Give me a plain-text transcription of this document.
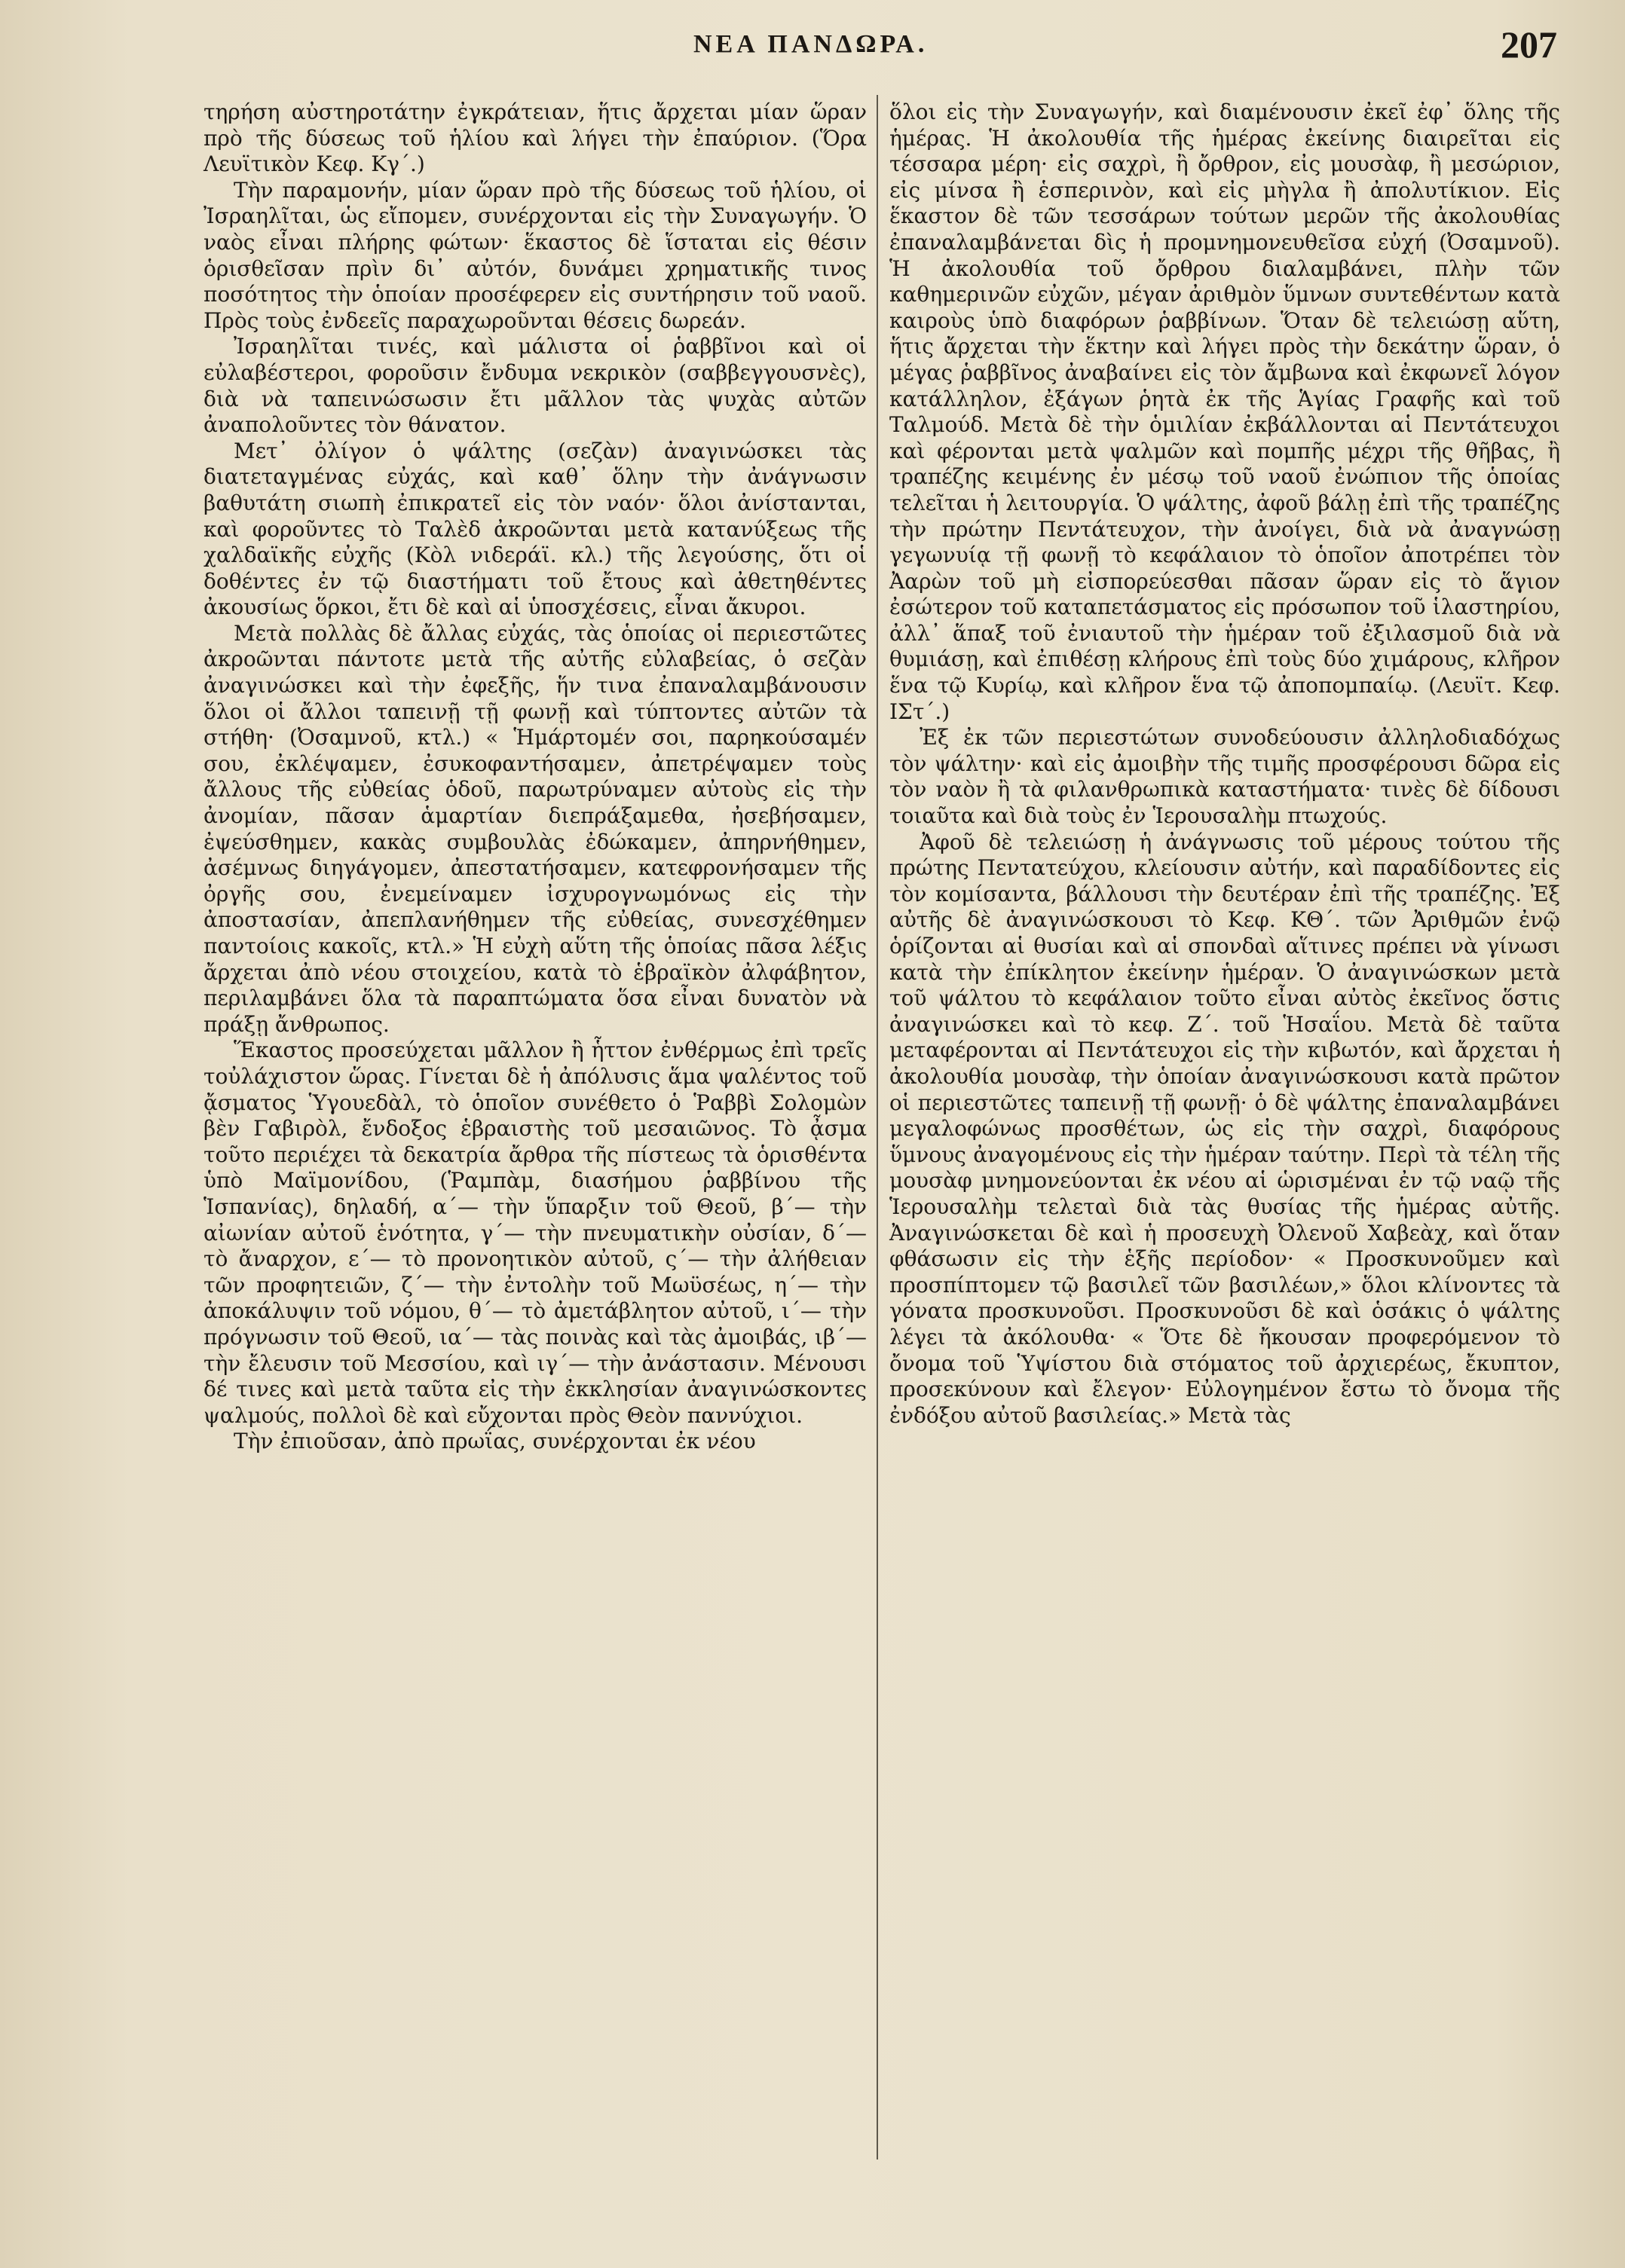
ΝΕΑ ΠΑΝΔΩΡΑ.	207

τηρήση αὐστηροτάτην ἐγκράτειαν, ἥτις ἄρχεται μίαν ὥραν πρὸ τῆς δύσεως τοῦ ἡλίου καὶ λήγει τὴν ἐπαύριον. (Ὅρα Λευϊτικὸν Κεφ. Κγ΄.)

Τὴν παραμονήν, μίαν ὥραν πρὸ τῆς δύσεως τοῦ ἡλίου, οἱ Ἰσραηλῖται, ὡς εἴπομεν, συνέρχονται εἰς τὴν Συναγωγήν. Ὁ ναὸς εἶναι πλήρης φώτων· ἕκαστος δὲ ἵσταται εἰς θέσιν ὁρισθεῖσαν πρὶν δι᾿ αὐτόν, δυνάμει χρηματικῆς τινος ποσότητος τὴν ὁποίαν προσέφερεν εἰς συντήρησιν τοῦ ναοῦ. Πρὸς τοὺς ἐνδεεῖς παραχωροῦνται θέσεις δωρεάν.

Ἰσραηλῖται τινές, καὶ μάλιστα οἱ ῥαββῖνοι καὶ οἱ εὐλαβέστεροι, φοροῦσιν ἔνδυμα νεκρικὸν (σαββεγγουσνὲς), διὰ νὰ ταπεινώσωσιν ἔτι μᾶλλον τὰς ψυχὰς αὐτῶν ἀναπολοῦντες τὸν θάνατον.

Μετ᾿ ὀλίγον ὁ ψάλτης (σεζὰν) ἀναγινώσκει τὰς διατεταγμένας εὐχάς, καὶ καθ᾿ ὅλην τὴν ἀνάγνωσιν βαθυτάτη σιωπὴ ἐπικρατεῖ εἰς τὸν ναόν· ὅλοι ἀνίστανται, καὶ φοροῦντες τὸ Ταλὲδ ἀκροῶνται μετὰ κατανύξεως τῆς χαλδαϊκῆς εὐχῆς (Κὸλ νιδεράϊ. κλ.) τῆς λεγούσης, ὅτι οἱ δοθέντες ἐν τῷ διαστήματι τοῦ ἔτους καὶ ἀθετηθέντες ἀκουσίως ὅρκοι, ἔτι δὲ καὶ αἱ ὑποσχέσεις, εἶναι ἄκυροι.

Μετὰ πολλὰς δὲ ἄλλας εὐχάς, τὰς ὁποίας οἱ περιεστῶτες ἀκροῶνται πάντοτε μετὰ τῆς αὐτῆς εὐλαβείας, ὁ σεζὰν ἀναγινώσκει καὶ τὴν ἐφεξῆς, ἥν τινα ἐπαναλαμβάνουσιν ὅλοι οἱ ἄλλοι ταπεινῇ τῇ φωνῇ καὶ τύπτοντες αὐτῶν τὰ στήθη· (Ὀσαμνοῦ, κτλ.) « Ἡμάρτομέν σοι, παρηκούσαμέν σου, ἐκλέψαμεν, ἐσυκοφαντήσαμεν, ἀπετρέψαμεν τοὺς ἄλλους τῆς εὐθείας ὁδοῦ, παρωτρύναμεν αὐτοὺς εἰς τὴν ἀνομίαν, πᾶσαν ἁμαρτίαν διεπράξαμεθα, ἠσεβήσαμεν, ἐψεύσθημεν, κακὰς συμβουλὰς ἐδώκαμεν, ἀπηρνήθημεν, ἀσέμνως διηγάγομεν, ἀπεστατήσαμεν, κατεφρονήσαμεν τῆς ὀργῆς σου, ἐνεμείναμεν ἰσχυρογνωμόνως εἰς τὴν ἀποστασίαν, ἀπεπλανήθημεν τῆς εὐθείας, συνεσχέθημεν παντοίοις κακοῖς, κτλ.» Ἡ εὐχὴ αὕτη τῆς ὁποίας πᾶσα λέξις ἄρχεται ἀπὸ νέου στοιχείου, κατὰ τὸ ἑβραϊκὸν ἀλφάβητον, περιλαμβάνει ὅλα τὰ παραπτώματα ὅσα εἶναι δυνατὸν νὰ πράξῃ ἄνθρωπος.

Ἕκαστος προσεύχεται μᾶλλον ἢ ἧττον ἐνθέρμως ἐπὶ τρεῖς τοὐλάχιστον ὥρας. Γίνεται δὲ ἡ ἀπόλυσις ἅμα ψαλέντος τοῦ ᾄσματος Ὑγουεδὰλ, τὸ ὁποῖον συνέθετο ὁ Ῥαββὶ Σολομὼν βὲν Γαβιρὸλ, ἔνδοξος ἑβραιστὴς τοῦ μεσαιῶνος. Τὸ ᾆσμα τοῦτο περιέχει τὰ δεκατρία ἄρθρα τῆς πίστεως τὰ ὁρισθέντα ὑπὸ Μαϊμονίδου, (Ῥαμπὰμ, διασήμου ῥαββίνου τῆς Ἱσπανίας), δηλαδή, α΄— τὴν ὕπαρξιν τοῦ Θεοῦ, β΄— τὴν αἰωνίαν αὐτοῦ ἑνότητα, γ΄— τὴν πνευματικὴν οὐσίαν, δ΄— τὸ ἄναρχον, ε΄— τὸ προνοητικὸν αὐτοῦ, ς΄— τὴν ἀλήθειαν τῶν προφητειῶν, ζ΄— τὴν ἐντολὴν τοῦ Μωϋσέως, η΄— τὴν ἀποκάλυψιν τοῦ νόμου, θ΄— τὸ ἀμετάβλητον αὐτοῦ, ι΄— τὴν πρόγνωσιν τοῦ Θεοῦ, ια΄— τὰς ποινὰς καὶ τὰς ἀμοιβάς, ιβ΄— τὴν ἔλευσιν τοῦ Μεσσίου, καὶ ιγ΄— τὴν ἀνάστασιν. Μένουσι δέ τινες καὶ μετὰ ταῦτα εἰς τὴν ἐκκλησίαν ἀναγινώσκοντες ψαλμούς, πολλοὶ δὲ καὶ εὔχονται πρὸς Θεὸν παννύχιοι.

Τὴν ἐπιοῦσαν, ἀπὸ πρωΐας, συνέρχονται ἐκ νέου

ὅλοι εἰς τὴν Συναγωγήν, καὶ διαμένουσιν ἐκεῖ ἐφ᾿ ὅλης τῆς ἡμέρας. Ἡ ἀκολουθία τῆς ἡμέρας ἐκείνης διαιρεῖται εἰς τέσσαρα μέρη· εἰς σαχρὶ, ἢ ὄρθρον, εἰς μουσὰφ, ἢ μεσώριον, εἰς μίνσα ἢ ἑσπερινὸν, καὶ εἰς μὴγλα ἢ ἀπολυτίκιον. Εἰς ἕκαστον δὲ τῶν τεσσάρων τούτων μερῶν τῆς ἀκολουθίας ἐπαναλαμβάνεται δὶς ἡ προμνημονευθεῖσα εὐχή (Ὀσαμνοῦ). Ἡ ἀκολουθία τοῦ ὄρθρου διαλαμβάνει, πλὴν τῶν καθημερινῶν εὐχῶν, μέγαν ἀριθμὸν ὕμνων συντεθέντων κατὰ καιροὺς ὑπὸ διαφόρων ῥαββίνων. Ὅταν δὲ τελειώσῃ αὕτη, ἥτις ἄρχεται τὴν ἕκτην καὶ λήγει πρὸς τὴν δεκάτην ὥραν, ὁ μέγας ῥαββῖνος ἀναβαίνει εἰς τὸν ἄμβωνα καὶ ἐκφωνεῖ λόγον κατάλληλον, ἐξάγων ῥητὰ ἐκ τῆς Ἁγίας Γραφῆς καὶ τοῦ Ταλμούδ. Μετὰ δὲ τὴν ὁμιλίαν ἐκβάλλονται αἱ Πεντάτευχοι καὶ φέρονται μετὰ ψαλμῶν καὶ πομπῆς μέχρι τῆς θῆβας, ἢ τραπέζης κειμένης ἐν μέσῳ τοῦ ναοῦ ἐνώπιον τῆς ὁποίας τελεῖται ἡ λειτουργία. Ὁ ψάλτης, ἀφοῦ βάλῃ ἐπὶ τῆς τραπέζης τὴν πρώτην Πεντάτευχον, τὴν ἀνοίγει, διὰ νὰ ἀναγνώσῃ γεγωνυίᾳ τῇ φωνῇ τὸ κεφάλαιον τὸ ὁποῖον ἀποτρέπει τὸν Ἀαρὼν τοῦ μὴ εἰσπορεύεσθαι πᾶσαν ὥραν εἰς τὸ ἅγιον ἐσώτερον τοῦ καταπετάσματος εἰς πρόσωπον τοῦ ἱλαστηρίου, ἀλλ᾿ ἅπαξ τοῦ ἐνιαυτοῦ τὴν ἡμέραν τοῦ ἐξιλασμοῦ διὰ νὰ θυμιάσῃ, καὶ ἐπιθέσῃ κλήρους ἐπὶ τοὺς δύο χιμάρους, κλῆρον ἕνα τῷ Κυρίῳ, καὶ κλῆρον ἕνα τῷ ἀποπομπαίῳ. (Λευϊτ. Κεφ. ΙΣτ΄.)

Ἐξ ἐκ τῶν περιεστώτων συνοδεύουσιν ἀλληλοδιαδόχως τὸν ψάλτην· καὶ εἰς ἀμοιβὴν τῆς τιμῆς προσφέρουσι δῶρα εἰς τὸν ναὸν ἢ τὰ φιλανθρωπικὰ καταστήματα· τινὲς δὲ δίδουσι τοιαῦτα καὶ διὰ τοὺς ἐν Ἱερουσαλὴμ πτωχούς.

Ἀφοῦ δὲ τελειώσῃ ἡ ἀνάγνωσις τοῦ μέρους τούτου τῆς πρώτης Πεντατεύχου, κλείουσιν αὐτήν, καὶ παραδίδοντες εἰς τὸν κομίσαντα, βάλλουσι τὴν δευτέραν ἐπὶ τῆς τραπέζης. Ἐξ αὐτῆς δὲ ἀναγινώσκουσι τὸ Κεφ. ΚΘ΄. τῶν Ἀριθμῶν ἐνῷ ὁρίζονται αἱ θυσίαι καὶ αἱ σπονδαὶ αἵτινες πρέπει νὰ γίνωσι κατὰ τὴν ἐπίκλητον ἐκείνην ἡμέραν. Ὁ ἀναγινώσκων μετὰ τοῦ ψάλτου τὸ κεφάλαιον τοῦτο εἶναι αὐτὸς ἐκεῖνος ὅστις ἀναγινώσκει καὶ τὸ κεφ. Ζ΄. τοῦ Ἡσαΐου. Μετὰ δὲ ταῦτα μεταφέρονται αἱ Πεντάτευχοι εἰς τὴν κιβωτόν, καὶ ἄρχεται ἡ ἀκολουθία μουσὰφ, τὴν ὁποίαν ἀναγινώσκουσι κατὰ πρῶτον οἱ περιεστῶτες ταπεινῇ τῇ φωνῇ· ὁ δὲ ψάλτης ἐπαναλαμβάνει μεγαλοφώνως προσθέτων, ὡς εἰς τὴν σαχρὶ, διαφόρους ὕμνους ἀναγομένους εἰς τὴν ἡμέραν ταύτην. Περὶ τὰ τέλη τῆς μουσὰφ μνημονεύονται ἐκ νέου αἱ ὡρισμέναι ἐν τῷ ναῷ τῆς Ἱερουσαλὴμ τελεταὶ διὰ τὰς θυσίας τῆς ἡμέρας αὐτῆς. Ἀναγινώσκεται δὲ καὶ ἡ προσευχὴ Ὀλενοῦ Χαβεὰχ, καὶ ὅταν φθάσωσιν εἰς τὴν ἑξῆς περίοδον· « Προσκυνοῦμεν καὶ προσπίπτομεν τῷ βασιλεῖ τῶν βασιλέων,» ὅλοι κλίνοντες τὰ γόνατα προσκυνοῦσι. Προσκυνοῦσι δὲ καὶ ὁσάκις ὁ ψάλτης λέγει τὰ ἀκόλουθα· « Ὅτε δὲ ἤκουσαν προφερόμενον τὸ ὄνομα τοῦ Ὑψίστου διὰ στόματος τοῦ ἀρχιερέως, ἔκυπτον, προσεκύνουν καὶ ἔλεγον· Εὐλογημένον ἔστω τὸ ὄνομα τῆς ἐνδόξου αὐτοῦ βασιλείας.» Μετὰ τὰς
